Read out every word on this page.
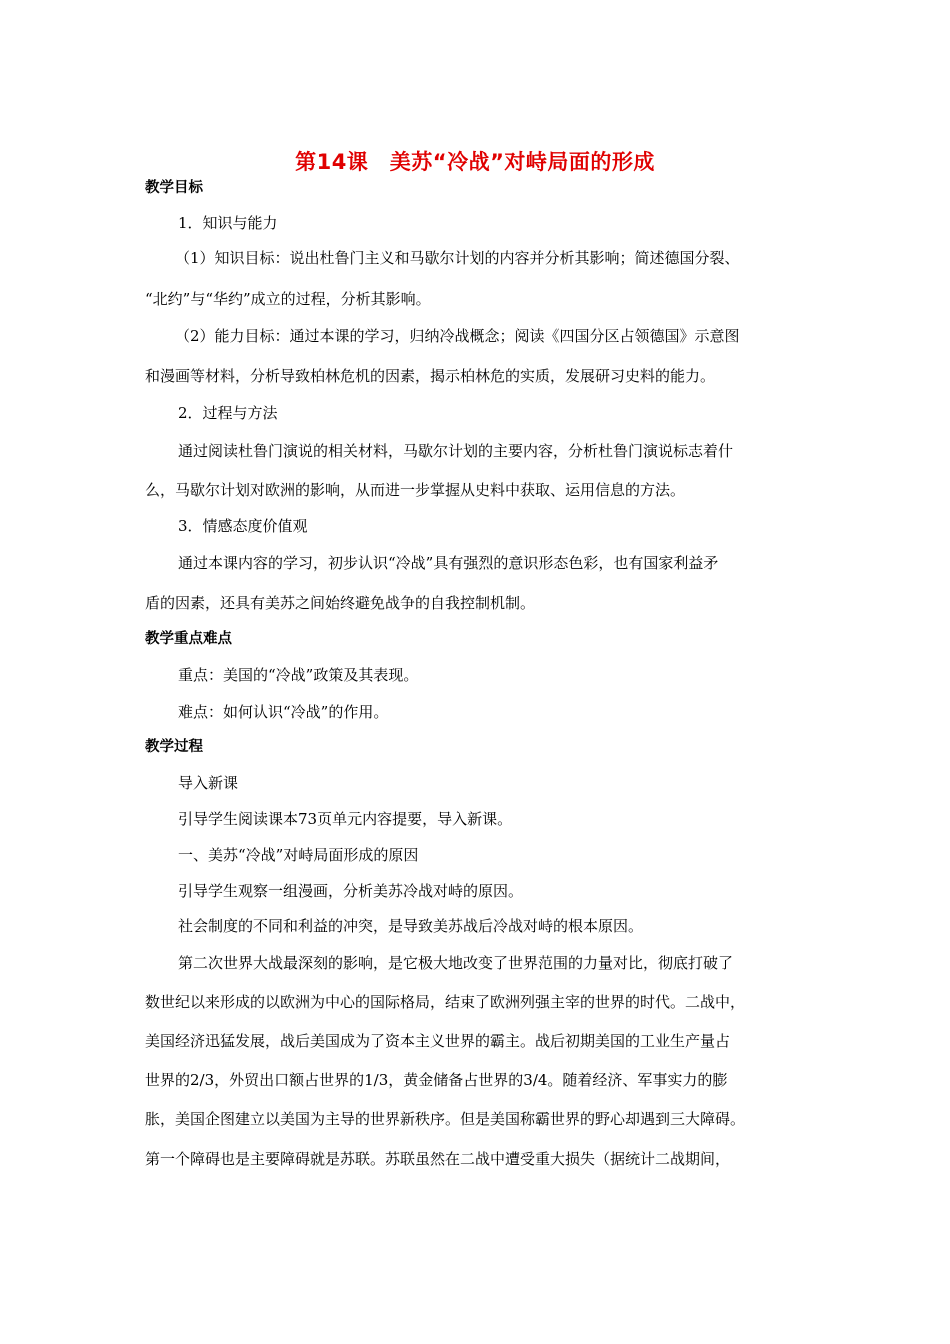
第14课　美苏“冷战”对峙局面的形成
教学目标
1．知识与能力
（1）知识目标：说出杜鲁门主义和马歇尔计划的内容并分析其影响；简述德国分裂、
“北约”与“华约”成立的过程，分析其影响。
（2）能力目标：通过本课的学习，归纳冷战概念；阅读《四国分区占领德国》示意图
和漫画等材料，分析导致柏林危机的因素，揭示柏林危的实质，发展研习史料的能力。
2．过程与方法
通过阅读杜鲁门演说的相关材料，马歇尔计划的主要内容，分析杜鲁门演说标志着什
么，马歇尔计划对欧洲的影响，从而进一步掌握从史料中获取、运用信息的方法。
3．情感态度价值观
通过本课内容的学习，初步认识“冷战”具有强烈的意识形态色彩，也有国家利益矛
盾的因素，还具有美苏之间始终避免战争的自我控制机制。
教学重点难点
重点：美国的“冷战”政策及其表现。
难点：如何认识“冷战”的作用。
教学过程
导入新课
引导学生阅读课本73页单元内容提要，导入新课。
一、美苏“冷战”对峙局面形成的原因
引导学生观察一组漫画，分析美苏冷战对峙的原因。
社会制度的不同和利益的冲突，是导致美苏战后冷战对峙的根本原因。
第二次世界大战最深刻的影响，是它极大地改变了世界范围的力量对比，彻底打破了
数世纪以来形成的以欧洲为中心的国际格局，结束了欧洲列强主宰的世界的时代。二战中，
美国经济迅猛发展，战后美国成为了资本主义世界的霸主。战后初期美国的工业生产量占
世界的2/3，外贸出口额占世界的1/3，黄金储备占世界的3/4。随着经济、军事实力的膨
胀，美国企图建立以美国为主导的世界新秩序。但是美国称霸世界的野心却遇到三大障碍。
第一个障碍也是主要障碍就是苏联。苏联虽然在二战中遭受重大损失（据统计二战期间，
